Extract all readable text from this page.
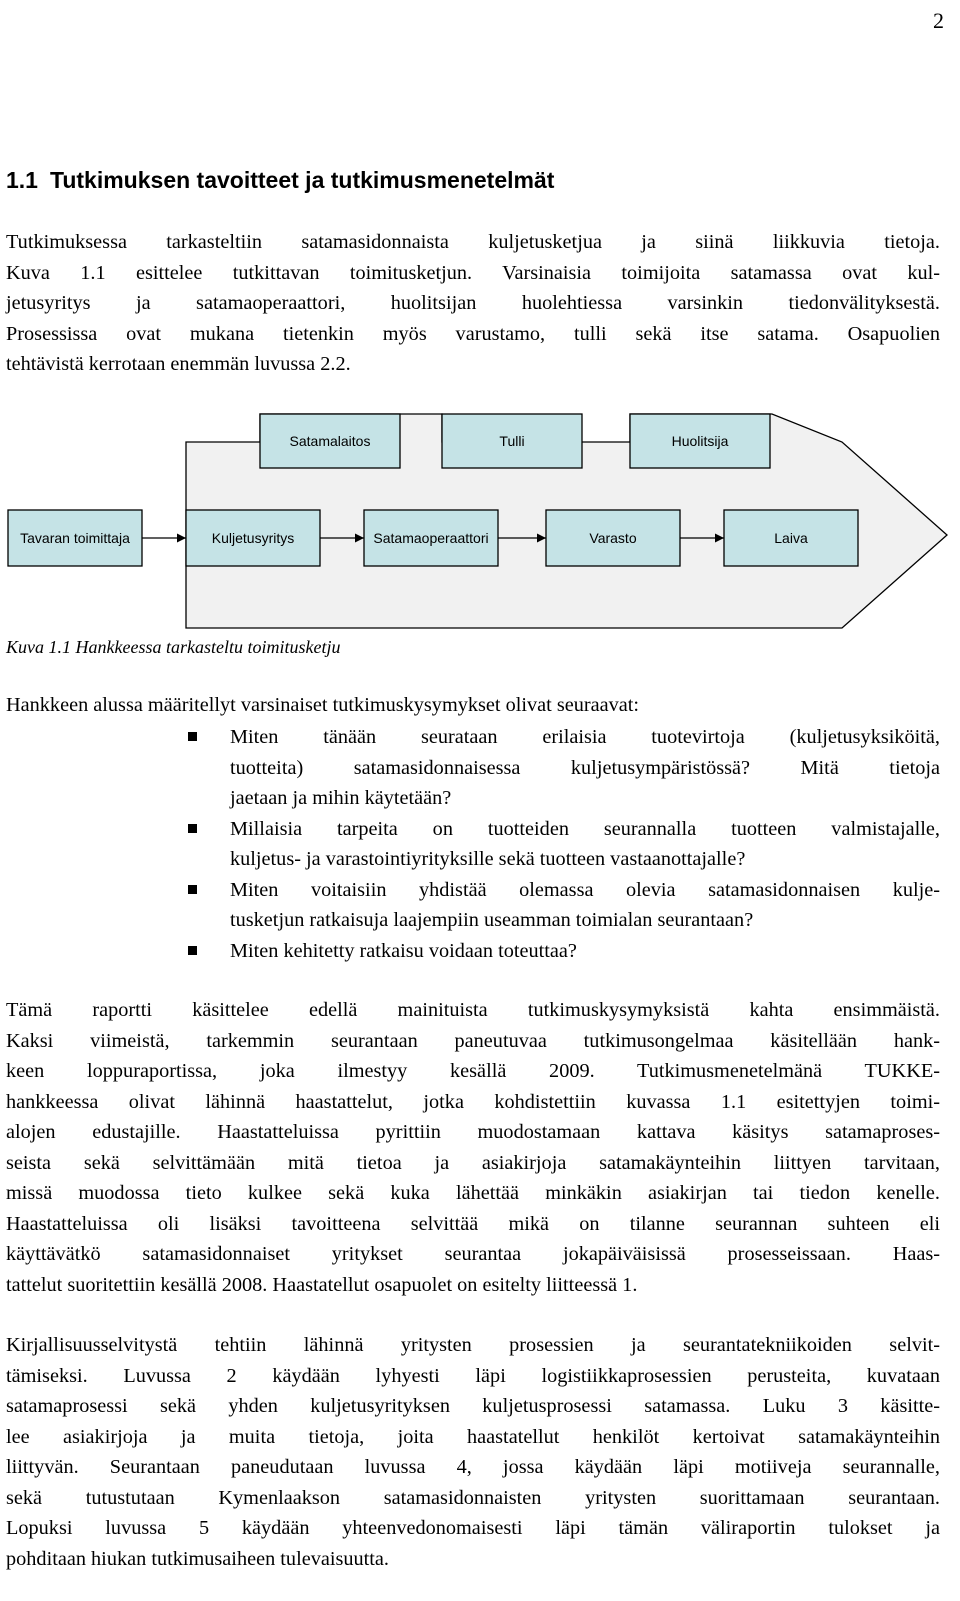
2
1.1 Tutkimuksen tavoitteet ja tutkimusmenetelmät

Tutkimuksessa tarkasteltiin satamasidonnaista kuljetusketjua ja siinä liikkuvia tietoja.
Kuva 1.1 esittelee tutkittavan toimitusketjun. Varsinaisia toimijoita satamassa ovat kul-
jetusyritys ja satamaoperaattori, huolitsijan huolehtiessa varsinkin tiedonvälityksestä.
Prosessissa ovat mukana tietenkin myös varustamo, tulli sekä itse satama. Osapuolien
tehtävistä kerrotaan enemmän luvussa 2.2.

Satamalaitos	Tulli	Huolitsija
Tavaran toimittaja	Kuljetusyritys	Satamaoperaattori	Varasto	Laiva

Kuva 1.1 Hankkeessa tarkasteltu toimitusketju

Hankkeen alussa määritellyt varsinaiset tutkimuskysymykset olivat seuraavat:

Miten tänään seurataan erilaisia tuotevirtoja (kuljetusyksiköitä,
tuotteita) satamasidonnaisessa kuljetusympäristössä? Mitä tietoja
jaetaan ja mihin käytetään?
Millaisia tarpeita on tuotteiden seurannalla tuotteen valmistajalle,
kuljetus- ja varastointiyrityksille sekä tuotteen vastaanottajalle?
Miten voitaisiin yhdistää olemassa olevia satamasidonnaisen kulje-
tusketjun ratkaisuja laajempiin useamman toimialan seurantaan?
Miten kehitetty ratkaisu voidaan toteuttaa?

Tämä raportti käsittelee edellä mainituista tutkimuskysymyksistä kahta ensimmäistä.
Kaksi viimeistä, tarkemmin seurantaan paneutuvaa tutkimusongelmaa käsitellään hank-
keen loppuraportissa, joka ilmestyy kesällä 2009. Tutkimusmenetelmänä TUKKE-
hankkeessa olivat lähinnä haastattelut, jotka kohdistettiin kuvassa 1.1 esitettyjen toimi-
alojen edustajille. Haastatteluissa pyrittiin muodostamaan kattava käsitys satamaproses-
seista sekä selvittämään mitä tietoa ja asiakirjoja satamakäynteihin liittyen tarvitaan,
missä muodossa tieto kulkee sekä kuka lähettää minkäkin asiakirjan tai tiedon kenelle.
Haastatteluissa oli lisäksi tavoitteena selvittää mikä on tilanne seurannan suhteen eli
käyttävätkö satamasidonnaiset yritykset seurantaa jokapäiväisissä prosesseissaan. Haas-
tattelut suoritettiin kesällä 2008. Haastatellut osapuolet on esitelty liitteessä 1.

Kirjallisuusselvitystä tehtiin lähinnä yritysten prosessien ja seurantatekniikoiden selvit-
tämiseksi. Luvussa 2 käydään lyhyesti läpi logistiikkaprosessien perusteita, kuvataan
satamaprosessi sekä yhden kuljetusyrityksen kuljetusprosessi satamassa. Luku 3 käsitte-
lee asiakirjoja ja muita tietoja, joita haastatellut henkilöt kertoivat satamakäynteihin
liittyvän. Seurantaan paneudutaan luvussa 4, jossa käydään läpi motiiveja seurannalle,
sekä tutustutaan Kymenlaakson satamasidonnaisten yritysten suorittamaan seurantaan.
Lopuksi luvussa 5 käydään yhteenvedonomaisesti läpi tämän väliraportin tulokset ja
pohditaan hiukan tutkimusaiheen tulevaisuutta.
